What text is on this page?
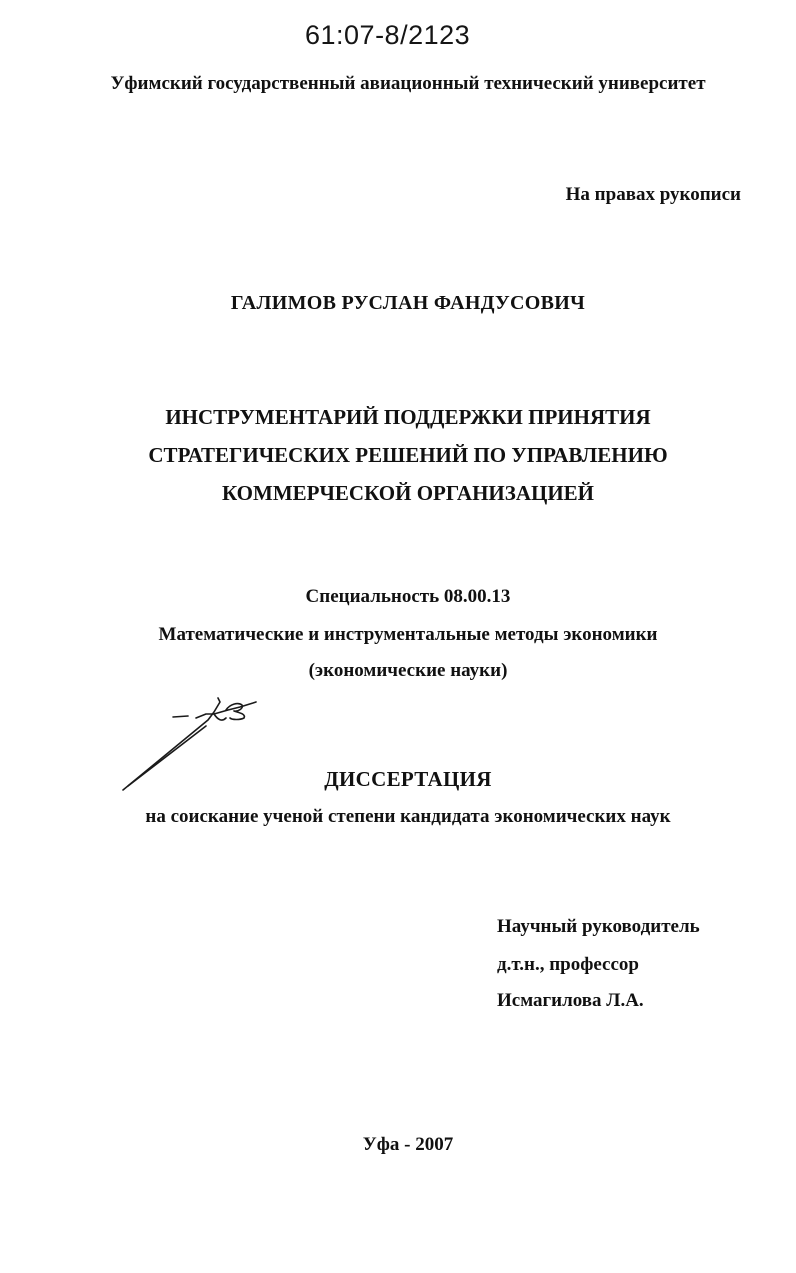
61:07-8/2123
Уфимский государственный авиационный технический университет
На правах рукописи
ГАЛИМОВ РУСЛАН ФАНДУСОВИЧ
ИНСТРУМЕНТАРИЙ ПОДДЕРЖКИ ПРИНЯТИЯ
СТРАТЕГИЧЕСКИХ РЕШЕНИЙ ПО УПРАВЛЕНИЮ
КОММЕРЧЕСКОЙ ОРГАНИЗАЦИЕЙ
Специальность 08.00.13
Математические и инструментальные методы экономики
(экономические науки)
ДИССЕРТАЦИЯ
на соискание ученой степени кандидата экономических наук
Научный руководитель
д.т.н., профессор
Исмагилова Л.А.
Уфа - 2007
